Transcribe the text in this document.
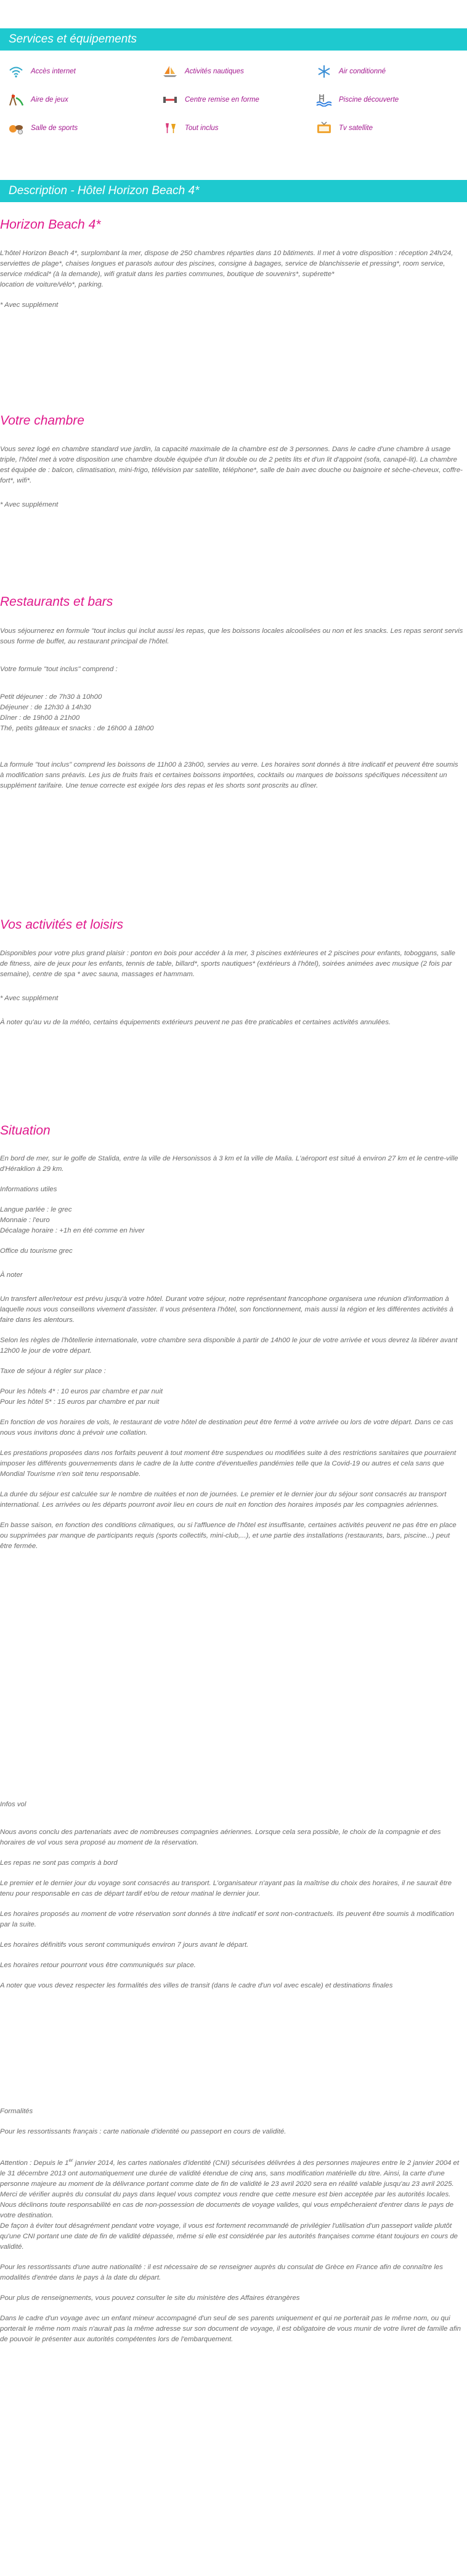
Services et équipements
Accès internet	Activités nautiques	Air conditionné
Aire de jeux	Centre remise en forme	Piscine découverte
Salle de sports	Tout inclus	Tv satellite
Description - Hôtel Horizon Beach 4*
Horizon Beach 4*

L'hôtel Horizon Beach 4*, surplombant la mer, dispose de 250 chambres réparties dans 10 bâtiments. Il met à votre disposition : réception 24h/24, serviettes de plage*, chaises longues et parasols autour des piscines, consigne à bagages, service de blanchisserie et pressing*, room service, service médical* (à la demande), wifi gratuit dans les parties communes, boutique de souvenirs*, supérette*
location de voiture/vélo*, parking.

* Avec supplément

Votre chambre

Vous serez logé en chambre standard vue jardin, la capacité maximale de la chambre est de 3 personnes. Dans le cadre d'une chambre à usage triple, l'hôtel met à votre disposition une chambre double équipée d'un lit double ou de 2 petits lits et d'un lit d'appoint (sofa, canapé-lit). La chambre est équipée de : balcon, climatisation, mini-frigo, télévision par satellite, téléphone*, salle de bain avec douche ou baignoire et sèche-cheveux, coffre-fort*, wifi*.

* Avec supplément

Restaurants et bars

Vous séjournerez en formule "tout inclus qui inclut aussi les repas, que les boissons locales alcoolisées ou non et les snacks. Les repas seront servis sous forme de buffet, au restaurant principal de l'hôtel.

Votre formule "tout inclus" comprend :

Petit déjeuner : de 7h30 à 10h00
Déjeuner : de 12h30 à 14h30
Dîner : de 19h00 à 21h00
Thé, petits gâteaux et snacks : de 16h00 à 18h00

La formule "tout inclus" comprend les boissons de 11h00 à 23h00, servies au verre. Les horaires sont donnés à titre indicatif et peuvent être soumis à modification sans préavis. Les jus de fruits frais et certaines boissons importées, cocktails ou marques de boissons spécifiques nécessitent un supplément tarifaire. Une tenue correcte est exigée lors des repas et les shorts sont proscrits au dîner.

Vos activités et loisirs

Disponibles pour votre plus grand plaisir : ponton en bois pour accéder à la mer, 3 piscines extérieures et 2 piscines pour enfants, toboggans, salle de fitness, aire de jeux pour les enfants, tennis de table, billard*, sports nautiques* (extérieurs à l'hôtel), soirées animées avec musique (2 fois par semaine), centre de spa * avec sauna, massages et hammam.

* Avec supplément

À noter qu'au vu de la météo, certains équipements extérieurs peuvent ne pas être praticables et certaines activités annulées.

Situation

En bord de mer, sur le golfe de Stalida, entre la ville de Hersonissos à 3 km et la ville de Malia. L'aéroport est situé à environ 27 km et le centre-ville d'Héraklion à 29 km.

Informations utiles

Langue parlée : le grec
Monnaie : l'euro
Décalage horaire : +1h en été comme en hiver

Office du tourisme grec

À noter

Un transfert aller/retour est prévu jusqu'à votre hôtel. Durant votre séjour, notre représentant francophone organisera une réunion d'information à laquelle nous vous conseillons vivement d'assister. Il vous présentera l'hôtel, son fonctionnement, mais aussi la région et les différentes activités à faire dans les alentours.

Selon les règles de l'hôtellerie internationale, votre chambre sera disponible à partir de 14h00 le jour de votre arrivée et vous devrez la libérer avant 12h00 le jour de votre départ.

Taxe de séjour à régler sur place :

Pour les hôtels 4* : 10 euros par chambre et par nuit
Pour les hôtel 5* : 15 euros par chambre et par nuit

En fonction de vos horaires de vols, le restaurant de votre hôtel de destination peut être fermé à votre arrivée ou lors de votre départ. Dans ce cas nous vous invitons donc à prévoir une collation.

Les prestations proposées dans nos forfaits peuvent à tout moment être suspendues ou modifiées suite à des restrictions sanitaires que pourraient imposer les différents gouvernements dans le cadre de la lutte contre d'éventuelles pandémies telle que la Covid-19 ou autres et cela sans que Mondial Tourisme n'en soit tenu responsable.

La durée du séjour est calculée sur le nombre de nuitées et non de journées. Le premier et le dernier jour du séjour sont consacrés au transport international. Les arrivées ou les départs pourront avoir lieu en cours de nuit en fonction des horaires imposés par les compagnies aériennes.

En basse saison, en fonction des conditions climatiques, ou si l'affluence de l'hôtel est insuffisante, certaines activités peuvent ne pas être en place ou supprimées par manque de participants requis (sports collectifs, mini-club,...), et une partie des installations (restaurants, bars, piscine...) peut être fermée.

Infos vol

Nous avons conclu des partenariats avec de nombreuses compagnies aériennes. Lorsque cela sera possible, le choix de la compagnie et des horaires de vol vous sera proposé au moment de la réservation.

Les repas ne sont pas compris à bord

Le premier et le dernier jour du voyage sont consacrés au transport. L'organisateur n'ayant pas la maîtrise du choix des horaires, il ne saurait être tenu pour responsable en cas de départ tardif et/ou de retour matinal le dernier jour.

Les horaires proposés au moment de votre réservation sont donnés à titre indicatif et sont non-contractuels. Ils peuvent être soumis à modification par la suite.

Les horaires définitifs vous seront communiqués environ 7 jours avant le départ.

Les horaires retour pourront vous être communiqués sur place.

A noter que vous devez respecter les formalités des villes de transit (dans le cadre d'un vol avec escale) et destinations finales

Formalités

Pour les ressortissants français : carte nationale d'identité ou passeport en cours de validité.

Attention : Depuis le 1er janvier 2014, les cartes nationales d'identité (CNI) sécurisées délivrées à des personnes majeures entre le 2 janvier 2004 et le 31 décembre 2013 ont automatiquement une durée de validité étendue de cinq ans, sans modification matérielle du titre. Ainsi, la carte d'une personne majeure au moment de la délivrance portant comme date de fin de validité le 23 avril 2020 sera en réalité valable jusqu'au 23 avril 2025.
Merci de vérifier auprès du consulat du pays dans lequel vous comptez vous rendre que cette mesure est bien acceptée par les autorités locales.
Nous déclinons toute responsabilité en cas de non-possession de documents de voyage valides, qui vous empêcheraient d'entrer dans le pays de votre destination.
De façon à éviter tout désagrément pendant votre voyage, il vous est fortement recommandé de privilégier l'utilisation d'un passeport valide plutôt qu'une CNI portant une date de fin de validité dépassée, même si elle est considérée par les autorités françaises comme étant toujours en cours de validité.

Pour les ressortissants d'une autre nationalité : il est nécessaire de se renseigner auprès du consulat de Grèce en France afin de connaître les modalités d'entrée dans le pays à la date du départ.

Pour plus de renseignements, vous pouvez consulter le site du ministère des Affaires étrangères

Dans le cadre d'un voyage avec un enfant mineur accompagné d'un seul de ses parents uniquement et qui ne porterait pas le même nom, ou qui porterait le même nom mais n'aurait pas la même adresse sur son document de voyage, il est obligatoire de vous munir de votre livret de famille afin de pouvoir le présenter aux autorités compétentes lors de l'embarquement.
